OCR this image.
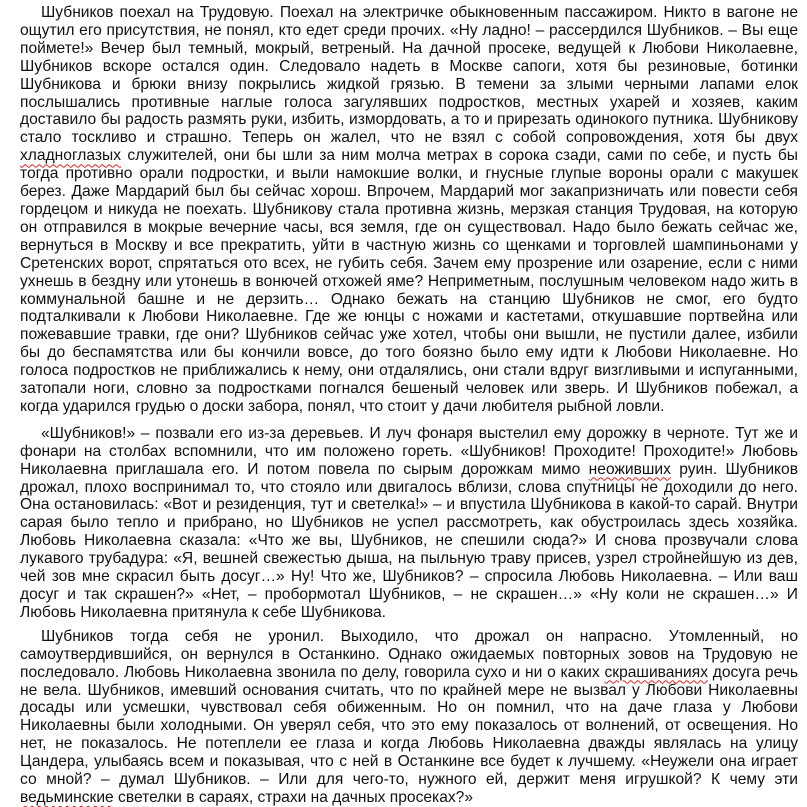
Шубников поехал на Трудовую. Поехал на электричке обыкновенным пассажиром. Никто в вагоне не ощутил его присутствия, не понял, кто едет среди прочих. «Ну ладно! – рассердился Шубников. – Вы еще поймете!» Вечер был темный, мокрый, ветреный. На дачной просеке, ведущей к Любови Николаевне, Шубников вскоре остался один. Следовало надеть в Москве сапоги, хотя бы резиновые, ботинки Шубникова и брюки внизу покрылись жидкой грязью. В темени за злыми черными лапами елок послышались противные наглые голоса загулявших подростков, местных ухарей и хозяев, каким доставило бы радость размять руки, избить, измордовать, а то и прирезать одинокого путника. Шубникову стало тоскливо и страшно. Теперь он жалел, что не взял с собой сопровождения, хотя бы двух хладноглазых служителей, они бы шли за ним молча метрах в сорока сзади, сами по себе, и пусть бы тогда противно орали подростки, и выли намокшие волки, и гнусные глупые вороны орали с макушек берез. Даже Мардарий был бы сейчас хорош. Впрочем, Мардарий мог закапризничать или повести себя гордецом и никуда не поехать. Шубникову стала противна жизнь, мерзкая станция Трудовая, на которую он отправился в мокрые вечерние часы, вся земля, где он существовал. Надо было бежать сейчас же, вернуться в Москву и все прекратить, уйти в частную жизнь со щенками и торговлей шампиньонами у Сретенских ворот, спрятаться ото всех, не губить себя. Зачем ему прозрение или озарение, если с ними ухнешь в бездну или утонешь в вонючей отхожей яме? Неприметным, послушным человеком надо жить в коммунальной башне и не дерзить… Однако бежать на станцию Шубников не смог, его будто подталкивали к Любови Николаевне. Где же юнцы с ножами и кастетами, откушавшие портвейна или пожевавшие травки, где они? Шубников сейчас уже хотел, чтобы они вышли, не пустили далее, избили бы до беспамятства или бы кончили вовсе, до того боязно было ему идти к Любови Николаевне. Но голоса подростков не приближались к нему, они отдалялись, они стали вдруг визгливыми и испуганными, затопали ноги, словно за подростками погнался бешеный человек или зверь. И Шубников побежал, а когда ударился грудью о доски забора, понял, что стоит у дачи любителя рыбной ловли.

«Шубников!» – позвали его из-за деревьев. И луч фонаря выстелил ему дорожку в черноте. Тут же и фонари на столбах вспомнили, что им положено гореть. «Шубников! Проходите! Проходите!» Любовь Николаевна приглашала его. И потом повела по сырым дорожкам мимо неоживших руин. Шубников дрожал, плохо воспринимал то, что стояло или двигалось вблизи, слова спутницы не доходили до него. Она остановилась: «Вот и резиденция, тут и светелка!» – и впустила Шубникова в какой-то сарай. Внутри сарая было тепло и прибрано, но Шубников не успел рассмотреть, как обустроилась здесь хозяйка. Любовь Николаевна сказала: «Что же вы, Шубников, не спешили сюда?» И снова прозвучали слова лукавого трубадура: «Я, вешней свежестью дыша, на пыльную траву присев, узрел стройнейшую из дев, чей зов мне скрасил быть досуг…» Ну! Что же, Шубников? – спросила Любовь Николаевна. – Или ваш досуг и так скрашен?» «Нет, – пробормотал Шубников, – не скрашен…» «Ну коли не скрашен…» И Любовь Николаевна притянула к себе Шубникова.

Шубников тогда себя не уронил. Выходило, что дрожал он напрасно. Утомленный, но самоутвердившийся, он вернулся в Останкино. Однако ожидаемых повторных зовов на Трудовую не последовало. Любовь Николаевна звонила по делу, говорила сухо и ни о каких скрашиваниях досуга речь не вела. Шубников, имевший основания считать, что по крайней мере не вызвал у Любови Николаевны досады или усмешки, чувствовал себя обиженным. Но он помнил, что на даче глаза у Любови Николаевны были холодными. Он уверял себя, что это ему показалось от волнений, от освещения. Но нет, не показалось. Не потеплели ее глаза и когда Любовь Николаевна дважды являлась на улицу Цандера, улыбаясь всем и показывая, что с ней в Останкине все будет к лучшему. «Неужели она играет со мной? – думал Шубников. – Или для чего-то, нужного ей, держит меня игрушкой? К чему эти ведьминские светелки в сараях, страхи на дачных просеках?»
